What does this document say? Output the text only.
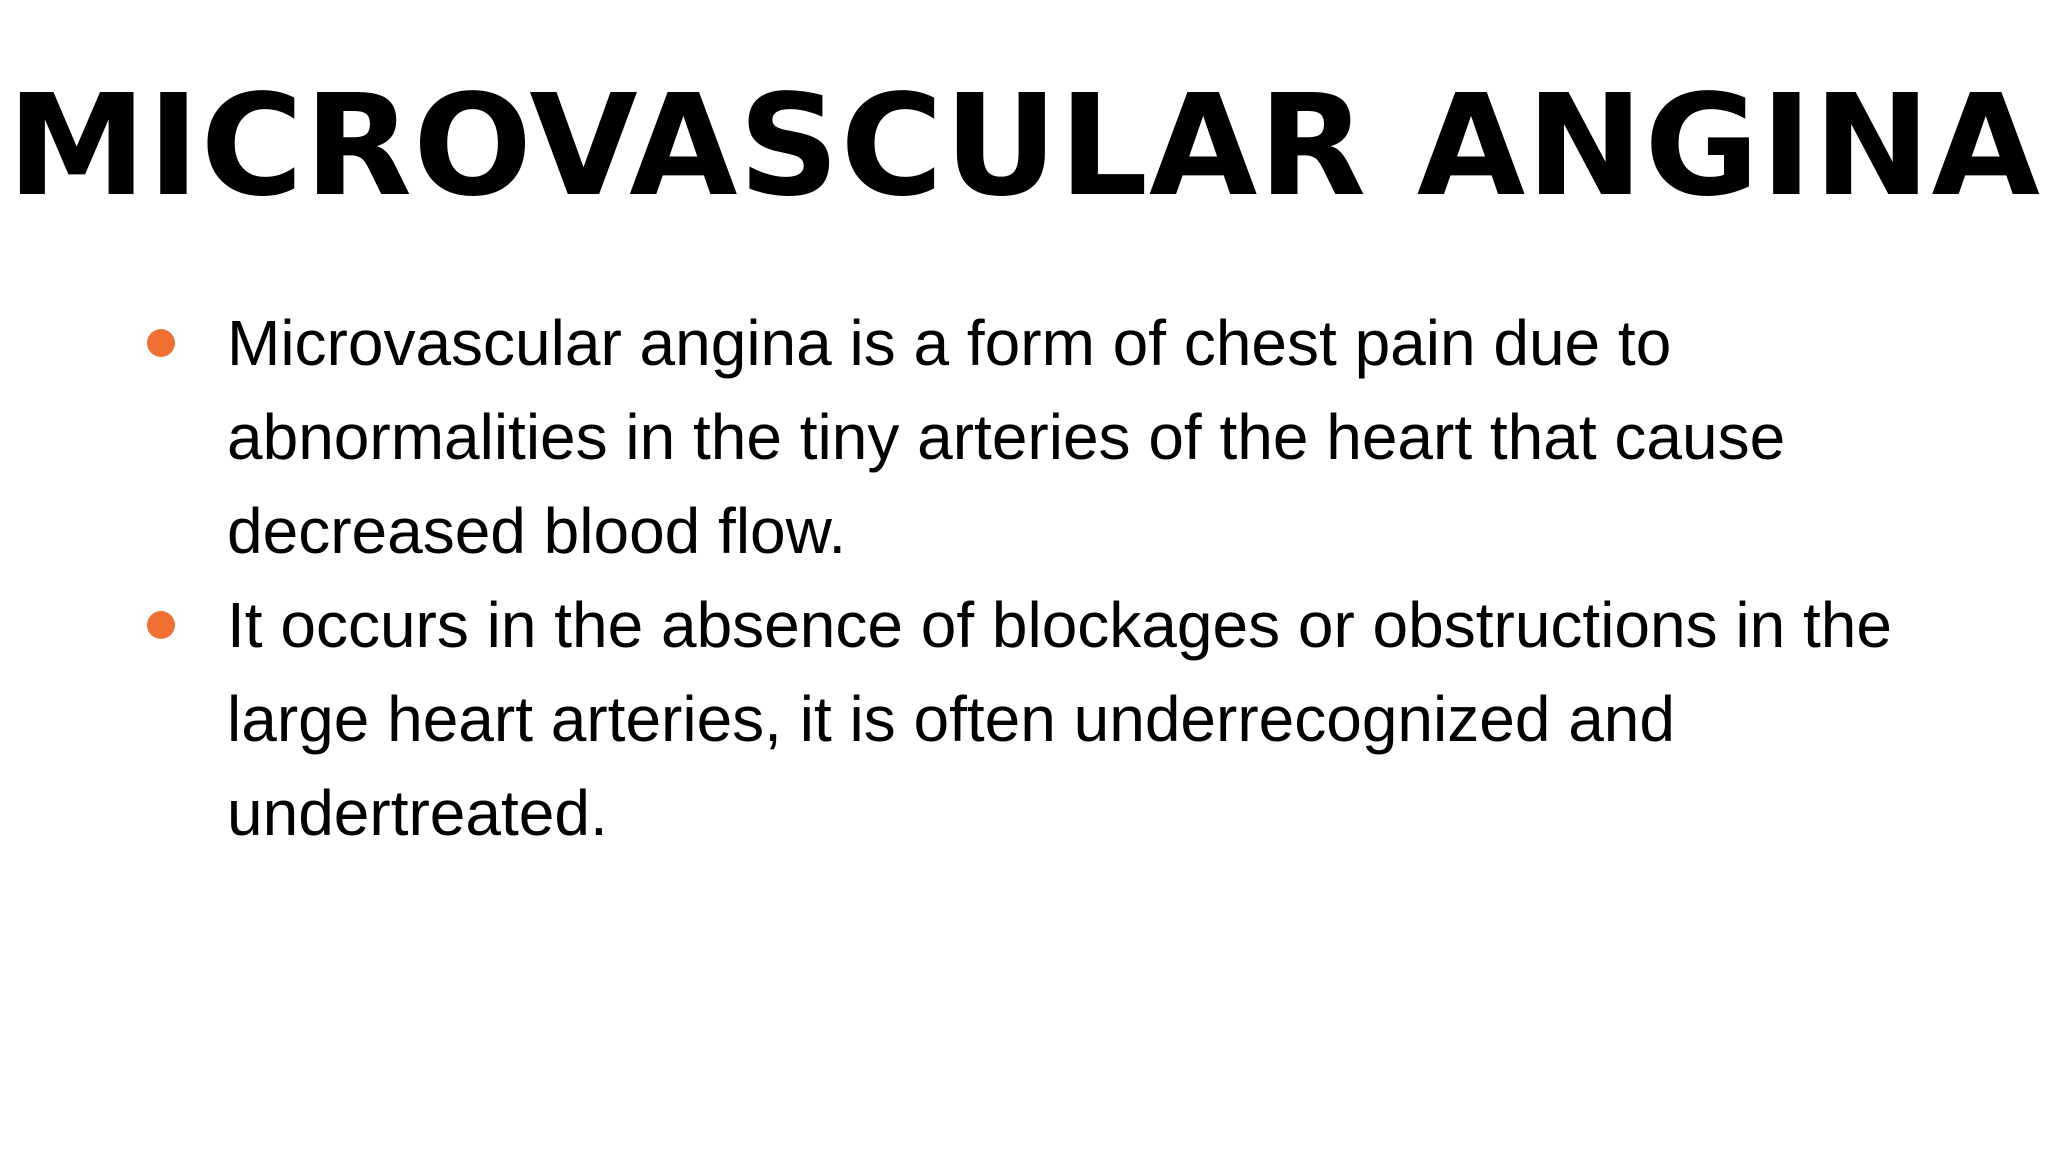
MICROVASCULAR ANGINA
Microvascular angina is a form of chest pain due to abnormalities in the tiny arteries of the heart that cause decreased blood flow.
It occurs in the absence of blockages or obstructions in the large heart arteries, it is often underrecognized and undertreated.
